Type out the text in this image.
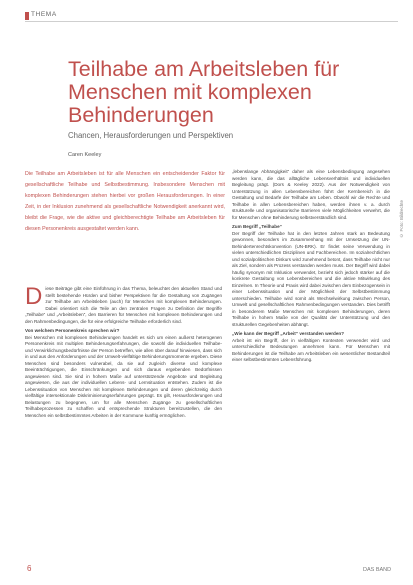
THEMA
Teilhabe am Arbeitsleben für Menschen mit komplexen Behinderungen
Chancen, Herausforderungen und Perspektiven
Caren Keeley

Die Teilhabe am Arbeitsleben ist für alle Menschen ein entscheidender Faktor für gesellschaftliche Teilhabe und Selbstbestimmung. Insbesondere Menschen mit komplexen Behinderungen stehen hierbei vor großen Herausforderungen. In einer Zeit, in der Inklusion zunehmend als gesellschaftliche Notwendigkeit anerkannt wird, bleibt die Frage, wie die aktive und gleichberechtigte Teilhabe am Arbeitsleben für diesen Personenkreis ausgestaltet werden kann.

Diese Beiträge gibt eine Einführung in das Thema, beleuchtet den aktuellen Stand und stellt bestehende Hürden und bisher Perspektiven für die Gestaltung von Zugängen zur Teilhabe am Arbeitsleben (auch) für Menschen mit komplexen Behinderungen. Dabei orientiert sich die Teile an den zentralen Fragen zu Definition der Begriffe „Teilhabe“ und „Arbeitsleben“, den Barrieren für Menschen mit komplexen Behinderungen und den Rahmenbedingungen, die für eine erfolgreiche Teilhabe erforderlich sind.

Von welchem Personenkreis sprechen wir?

Bei Menschen mit komplexen Behinderungen handelt es sich um einen außerst heterogenen Personenkreis mit multiplen Behinderungserfahrungen, die sowohl die individuellen Teilhabe- und Verwirklichungsbedürfnisse der Person betreffen, wie allen über darauf hinwiesen, dass sich in und aus den Anforderungen und der Umwelt-vielfältige Behinderungsmomente ergeben. Diese Menschen sind besonders vulnerabel, da sie auf zugleich diverse und komplexe Beeinträchtigungen, die Einschränkungen und sich daraus ergebenden Bedürfnissen angewiesen sind. Sie sind in hohem Maße auf unterstützende Angebote und Begleitung angewiesen, die aus der individuellen Lebens- und Lernsituation entstehen. Zudem ist die Lebenssituation von Menschen mit komplexen Behinderungen und deren gleichzeitig durch vielfältige intersektionale Diskriminierungserfahrungen geprägt. Es gilt, Herausforderungen und Belastungen zu begegnen, um für alle Menschen Zugänge zu gesellschaftlichen Teilhabeprozessen zu schaffen und entsprechende Strukturen bereitzustellen, die den Menschen ein selbstbestimmtes Arbeiten in der Kommune kunftig ermöglichen.

„lebenslange Abhängigkeit“ daher als eine Lebensbedingung angesehen werden kann, die das alltägliche Lebensverhältnis und individuellen Begleitung prägt. (Dors & Keeley 2022). Aus der Notwendigkeit von Unterstützung in allen Lebensbereichen führt der Kernbereich in die Gestaltung und Bedarfe der Teilhabe am Leben. Obwohl wir die Rechte und Teilhabe in allen Lebensbereichen haben, werden ihnen v. a. durch strukturelle und organisatorische Barrieren viele Möglichkeiten verwehrt, die für Menschen ohne Behinderung selbstverständlich sind.

Zum Begriff „Teilhabe“

Der Begriff der Teilhabe hat in den letzten Jahren stark an Bedeutung gewonnen, besonders im Zusammenhang mit der Umsetzung der UN-Behindertenrechtskonvention (UN-BRK). Er findet seine Verwendung in vielen unterschiedlichen Disziplinen und Fachbereichen. Im sozialrechtlichen und sozialpolitischen Diskurs wird zunehmend betont, dass Teilhabe nicht nur als Ziel, sondern als Prozess verstanden werden muss. Der Begriff wird dabei häufig synonym mit Inklusion verwendet, bezieht sich jedoch stärker auf die konkrete Gestaltung von Lebensbereichen und die aktive Mitwirkung des Einzelnen. In Theorie und Praxis wird dabei zwischen dem Einbezogensein in einer Lebenssituation und der Möglichkeit der Selbstbestimmung unterschieden. Teilhabe wird somit als Wechselwirkung zwischen Person, Umwelt und gesellschaftlichen Rahmenbedingungen verstanden. Dies betrifft in besonderem Maße Menschen mit komplexen Behinderungen, deren Teilhabe in hohem Maße von der Qualität der Unterstützung und den strukturellen Gegebenheiten abhängt.

„Wie kann der Begriff „Arbeit“ verstanden werden?

Arbeit ist ein Begriff, der in vielfältigen Kontexten verwendet wird und unterschiedliche Bedeutungen annehmen kann. Für Menschen mit Behinderungen ist die Teilhabe am Arbeitsleben ein wesentlicher Bestandteil einer selbstbestimmten Lebensführung.

© Foto: Bildrechte
6	DAS BAND
